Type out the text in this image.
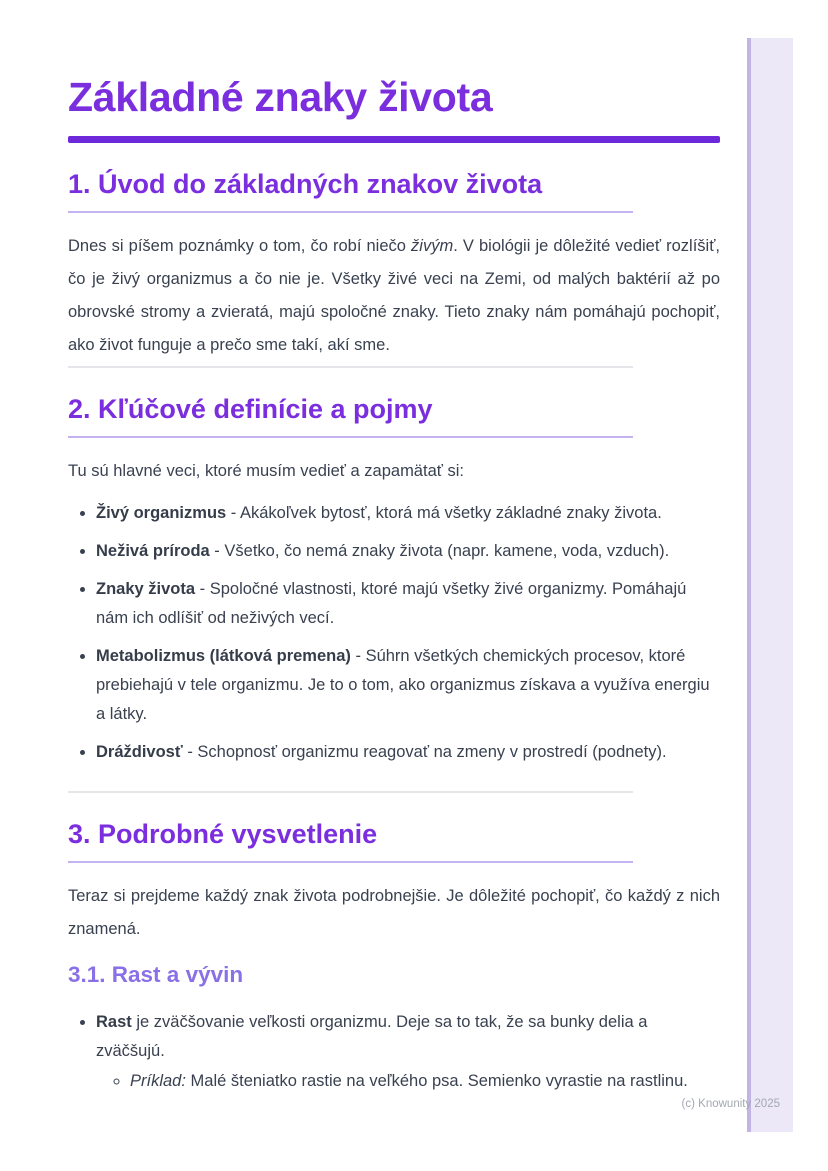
Základné znaky života
1. Úvod do základných znakov života

Dnes si píšem poznámky o tom, čo robí niečo živým. V biológii je dôležité vedieť rozlíšiť, čo je živý organizmus a čo nie je. Všetky živé veci na Zemi, od malých baktérií až po obrovské stromy a zvieratá, majú spoločné znaky. Tieto znaky nám pomáhajú pochopiť, ako život funguje a prečo sme takí, akí sme.

2. Kľúčové definície a pojmy

Tu sú hlavné veci, ktoré musím vedieť a zapamätať si:

• Živý organizmus - Akákoľvek bytosť, ktorá má všetky základné znaky života.
• Neživá príroda - Všetko, čo nemá znaky života (napr. kamene, voda, vzduch).
• Znaky života - Spoločné vlastnosti, ktoré majú všetky živé organizmy. Pomáhajú nám ich odlíšiť od neživých vecí.
• Metabolizmus (látková premena) - Súhrn všetkých chemických procesov, ktoré prebiehajú v tele organizmu. Je to o tom, ako organizmus získava a využíva energiu a látky.
• Dráždivosť - Schopnosť organizmu reagovať na zmeny v prostredí (podnety).
3. Podrobné vysvetlenie

Teraz si prejdeme každý znak života podrobnejšie. Je dôležité pochopiť, čo každý z nich znamená.

3.1. Rast a vývin
• Rast je zväčšovanie veľkosti organizmu. Deje sa to tak, že sa bunky delia a zväčšujú.
◦ Príklad: Malé šteniatko rastie na veľkého psa. Semienko vyrastie na rastlinu.
(c) Knowunity 2025
